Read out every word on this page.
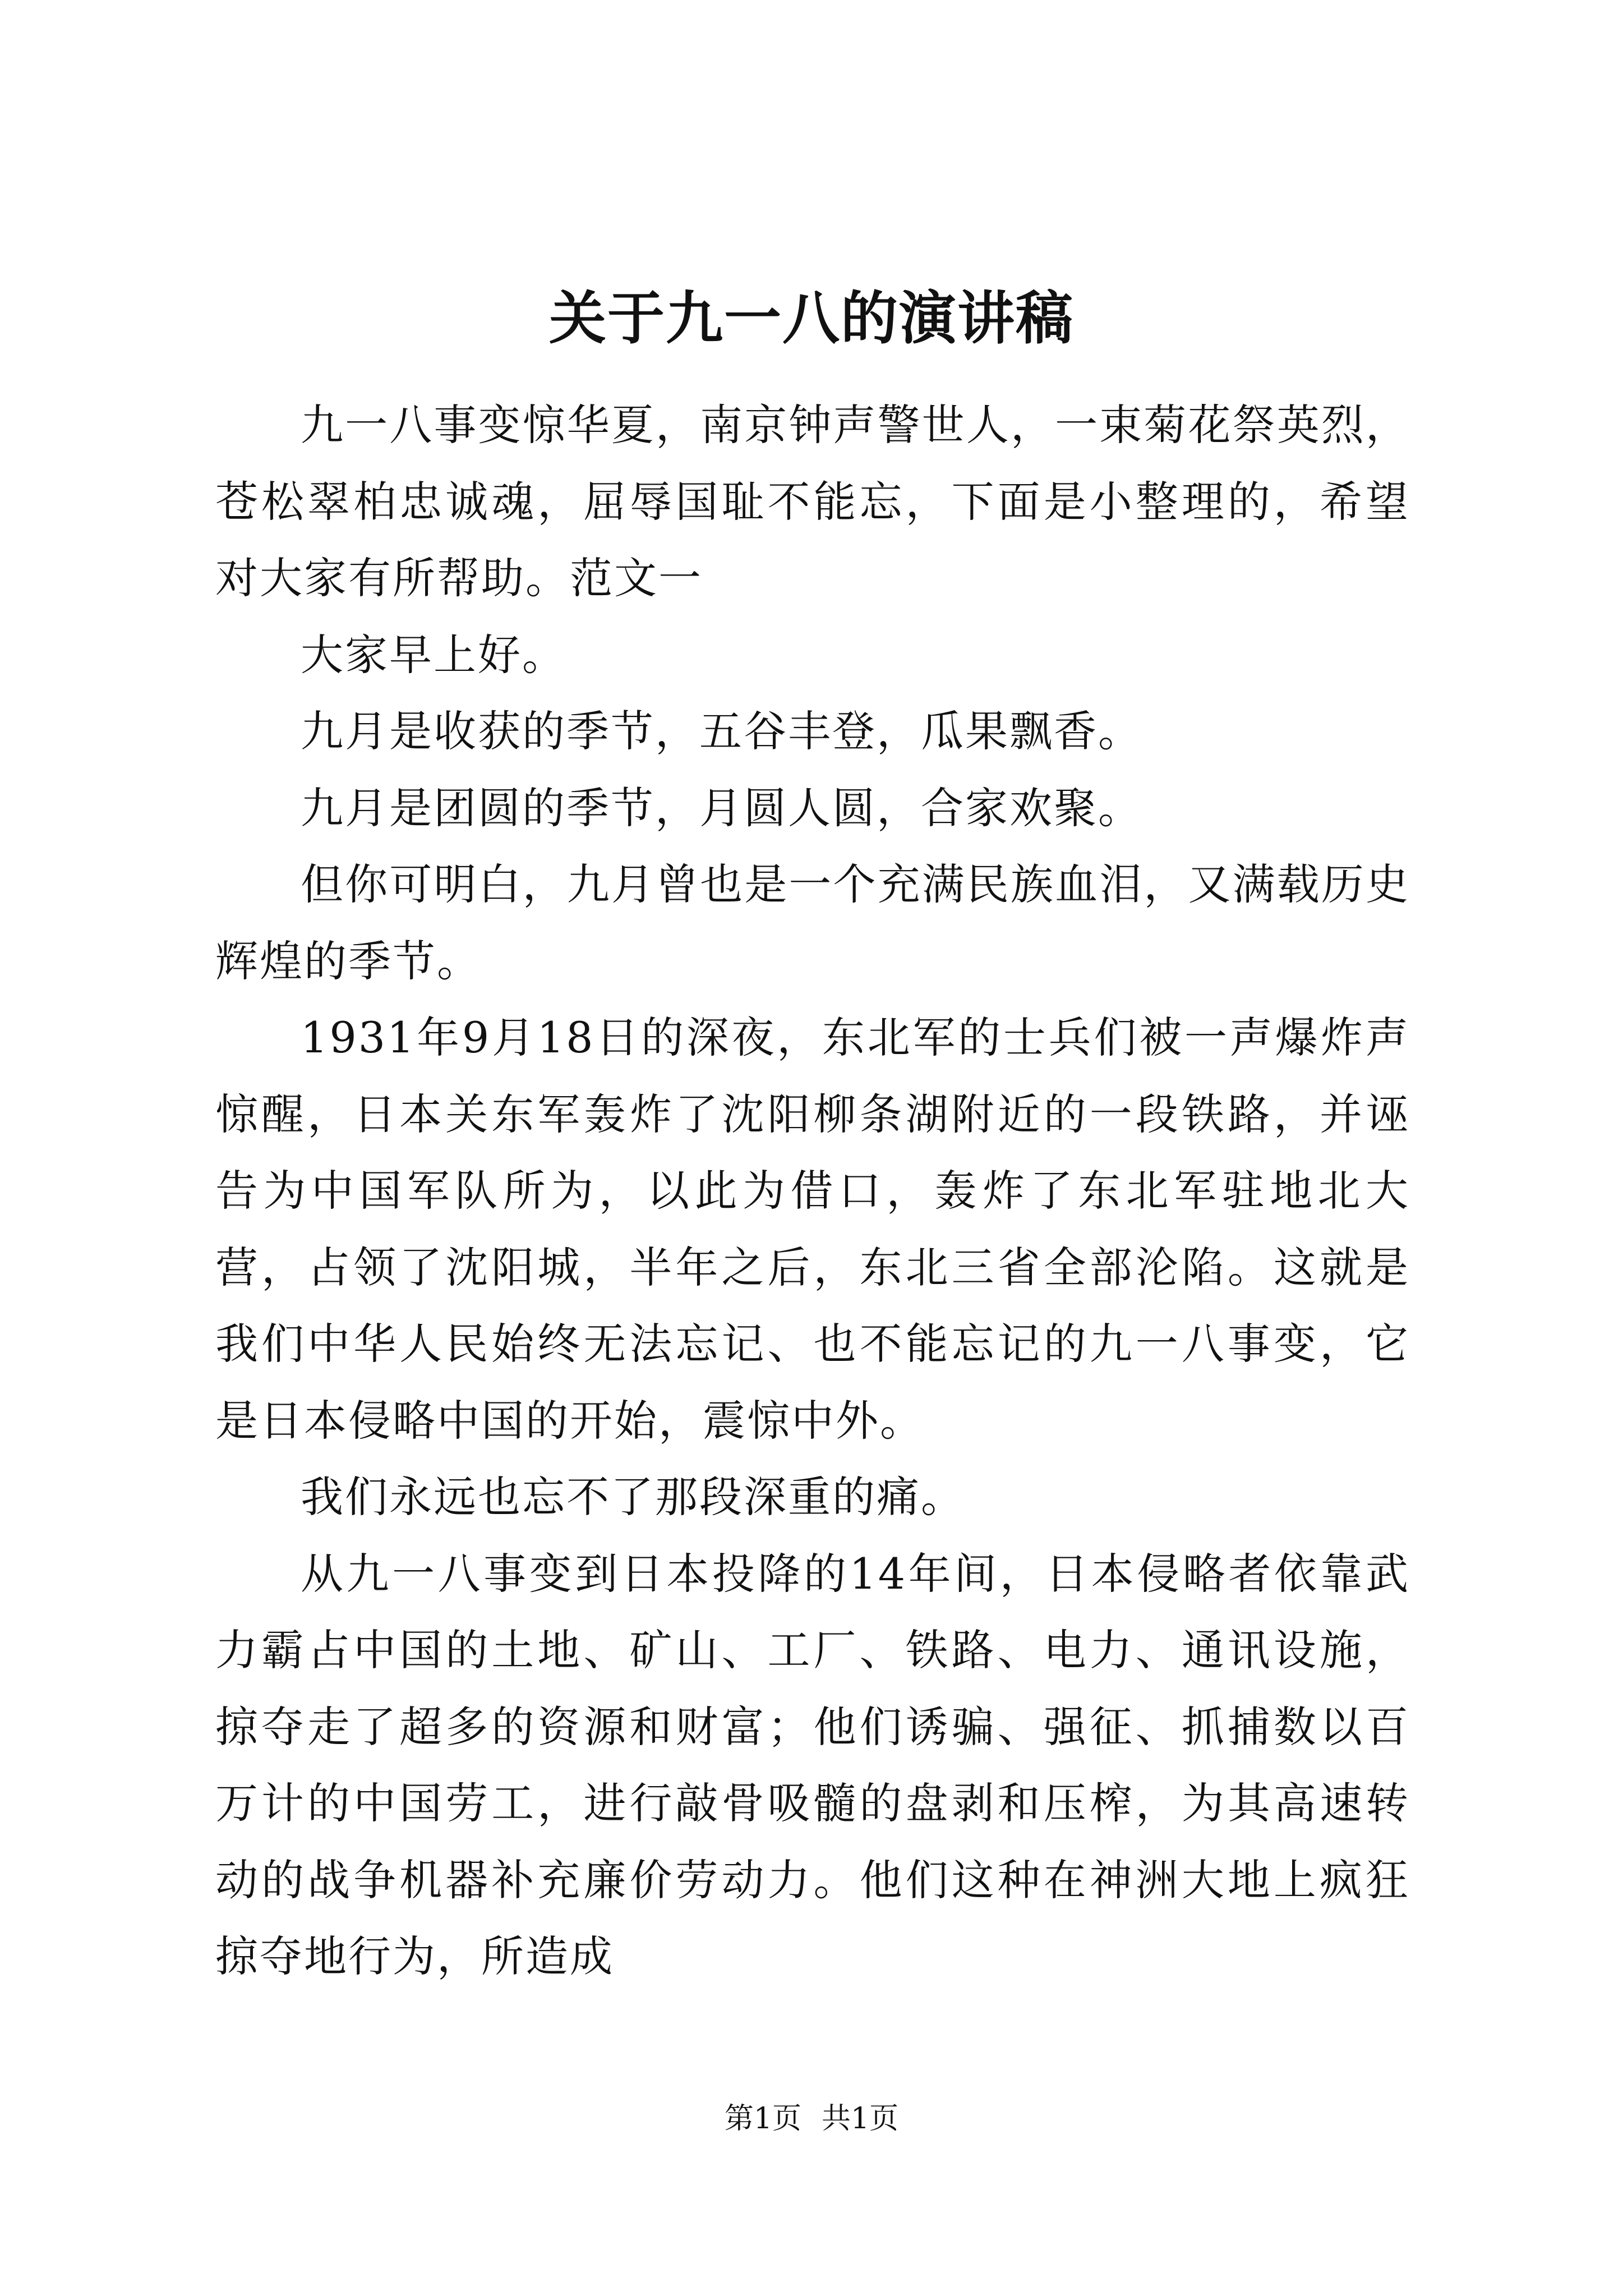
关于九一八的演讲稿

九一八事变惊华夏，南京钟声警世人，一束菊花祭英烈，苍松翠柏忠诚魂，屈辱国耻不能忘，下面是小整理的，希望对大家有所帮助。范文一

大家早上好。

九月是收获的季节，五谷丰登，瓜果飘香。

九月是团圆的季节，月圆人圆，合家欢聚。

但你可明白，九月曾也是一个充满民族血泪，又满载历史辉煌的季节。

1931年9月18日的深夜，东北军的士兵们被一声爆炸声惊醒，日本关东军轰炸了沈阳柳条湖附近的一段铁路，并诬告为中国军队所为，以此为借口，轰炸了东北军驻地北大营，占领了沈阳城，半年之后，东北三省全部沦陷。这就是我们中华人民始终无法忘记、也不能忘记的九一八事变，它是日本侵略中国的开始，震惊中外。

我们永远也忘不了那段深重的痛。

从九一八事变到日本投降的14年间，日本侵略者依靠武力霸占中国的土地、矿山、工厂、铁路、电力、通讯设施，掠夺走了超多的资源和财富；他们诱骗、强征、抓捕数以百万计的中国劳工，进行敲骨吸髓的盘剥和压榨，为其高速转动的战争机器补充廉价劳动力。他们这种在神洲大地上疯狂掠夺地行为，所造成

第1页 共1页
